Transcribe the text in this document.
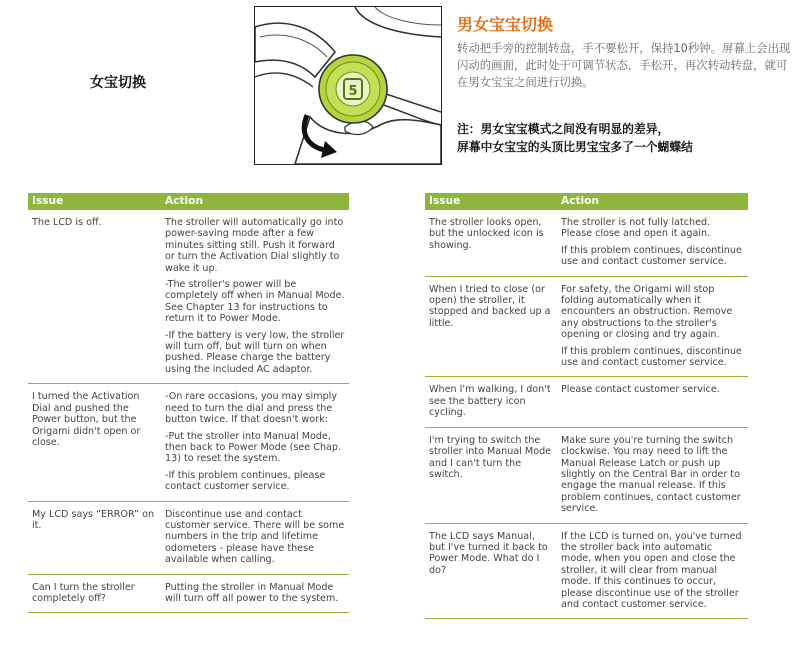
女宝切换
5
男女宝宝切换
转动把手旁的控制转盘，手不要松开，保持10秒钟。屏幕上会出现闪动的画面，此时处于可调节状态，手松开，再次转动转盘，就可在男女宝宝之间进行切换。
注：男女宝宝模式之间没有明显的差异，
屏幕中女宝宝的头顶比男宝宝多了一个蝴蝶结
Issue	Action
The LCD is off.	The stroller will automatically go into power-saving mode after a few minutes sitting still. Push it forward or turn the Activation Dial slightly to wake it up.

-The stroller's power will be completely off when in Manual Mode. See Chapter 13 for instructions to return it to Power Mode.

-If the battery is very low, the stroller will turn off, but will turn on when pushed. Please charge the battery using the included AC adaptor.

I turned the Activation Dial and pushed the Power button, but the Origami didn't open or close.	-On rare occasions, you may simply need to turn the dial and press the button twice. If that doesn't work:

-Put the stroller into Manual Mode, then back to Power Mode (see Chap. 13) to reset the system.

-If this problem continues, please contact customer service.

My LCD says “ERROR” on it.	Discontinue use and contact customer service. There will be some numbers in the trip and lifetime odometers - please have these available when calling.

Can I turn the stroller completely off?	Putting the stroller in Manual Mode will turn off all power to the system.

Issue	Action
The stroller looks open, but the unlocked icon is showing.	The stroller is not fully latched. Please close and open it again.

If this problem continues, discontinue use and contact customer service.

When I tried to close (or open) the stroller, it stopped and backed up a little.	For safety, the Origami will stop folding automatically when it encounters an obstruction. Remove any obstructions to the stroller's opening or closing and try again.

If this problem continues, discontinue use and contact customer service.

When I'm walking, I don't see the battery icon cycling.	Please contact customer service.

I'm trying to switch the stroller into Manual Mode and I can't turn the switch.	Make sure you're turning the switch clockwise. You may need to lift the Manual Release Latch or push up slightly on the Central Bar in order to engage the manual release. If this problem continues, contact customer service.

The LCD says Manual, but I've turned it back to Power Mode. What do I do?	If the LCD is turned on, you've turned the stroller back into automatic mode, when you open and close the stroller, it will clear from manual mode. If this continues to occur, please discontinue use of the stroller and contact customer service.
